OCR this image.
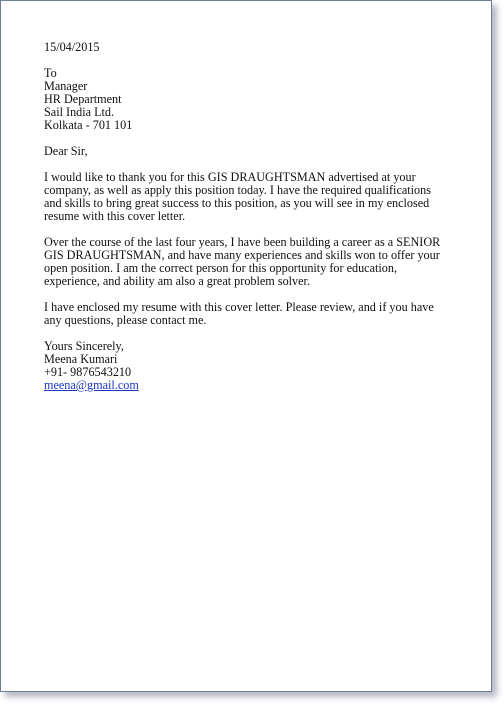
15/04/2015
To
Manager
HR Department
Sail India Ltd.
Kolkata - 701 101
Dear Sir,
I would like to thank you for this GIS DRAUGHTSMAN advertised at your
company, as well as apply this position today. I have the required qualifications
and skills to bring great success to this position, as you will see in my enclosed
resume with this cover letter.
Over the course of the last four years, I have been building a career as a SENIOR
GIS DRAUGHTSMAN, and have many experiences and skills won to offer your
open position. I am the correct person for this opportunity for education,
experience, and ability am also a great problem solver.
I have enclosed my resume with this cover letter. Please review, and if you have
any questions, please contact me.
Yours Sincerely,
Meena Kumari
+91- 9876543210
meena@gmail.com
